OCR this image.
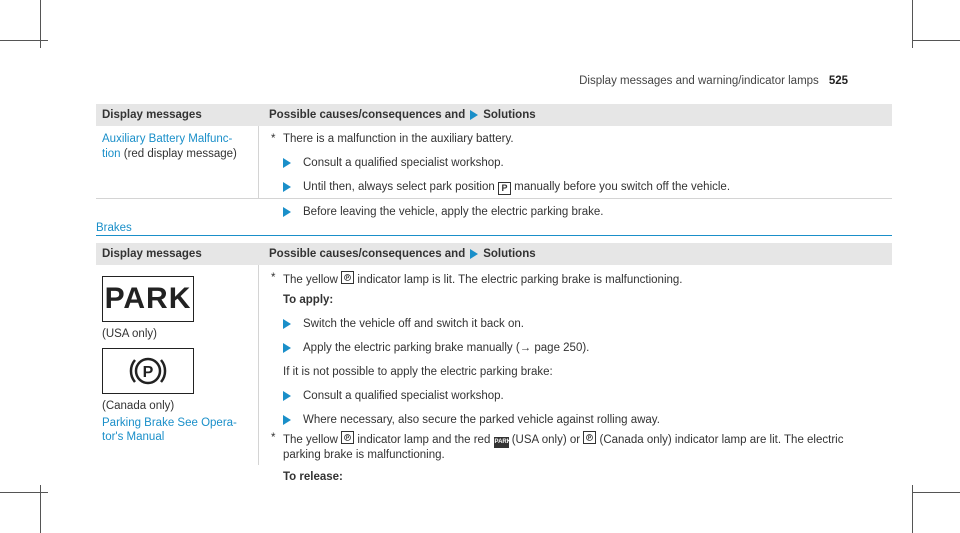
Display messages and warning/indicator lamps 525
Display messages	Possible causes/consequences and Solutions
Auxiliary Battery Malfunc-
tion (red display message)
* There is a malfunction in the auxiliary battery.
Consult a qualified specialist workshop.
Until then, always select park position P manually before you switch off the vehicle.
Before leaving the vehicle, apply the electric parking brake.
Brakes
Display messages	Possible causes/consequences and Solutions
PARK
(USA only)
P
(Canada only)
Parking Brake See Opera-
tor's Manual
* The yellow P indicator lamp is lit. The electric parking brake is malfunctioning.
To apply:
Switch the vehicle off and switch it back on.
Apply the electric parking brake manually (→ page 250).
If it is not possible to apply the electric parking brake:
Consult a qualified specialist workshop.
Where necessary, also secure the parked vehicle against rolling away.
* The yellow P indicator lamp and the red PARK (USA only) or P (Canada only) indicator lamp are lit. The electric
parking brake is malfunctioning.
To release:
